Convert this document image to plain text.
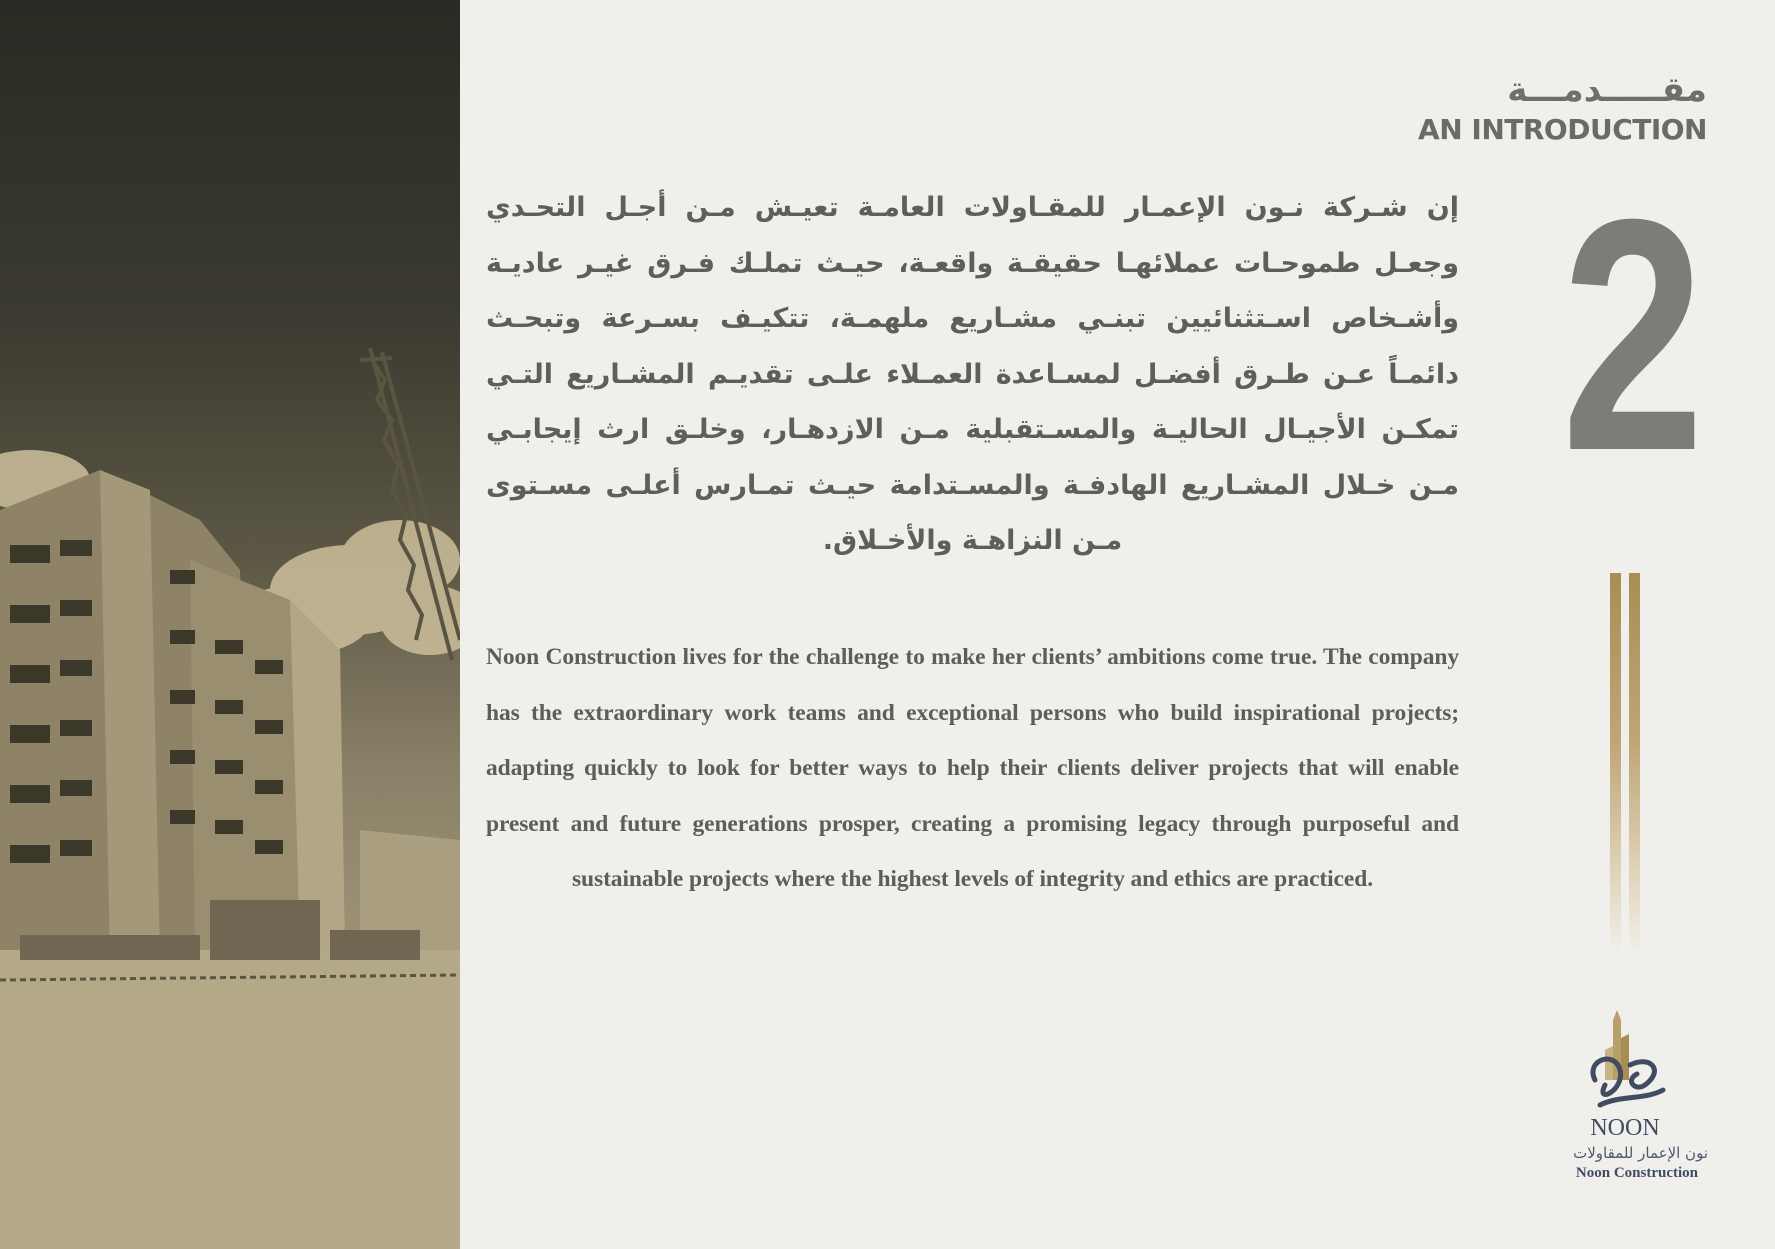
مقـــــدمـــة
AN INTRODUCTION
2

إن شـركة نـون الإعمـار للمقـاولات العامـة تعيـش مـن أجـل التحـدي وجعـل طموحـات عملائهـا حقيقـة واقعـة، حيـث تملـك فـرق غيـر عاديـة وأشـخاص اسـتثنائيين تبنـي مشـاريع ملهمـة، تتكيـف بسـرعة وتبحـث دائمـاً عـن طـرق أفضـل لمسـاعدة العمـلاء علـى تقديـم المشـاريع التـي تمكـن الأجيـال الحاليـة والمسـتقبلية مـن الازدهـار، وخلـق ارث إيجابـي مـن خـلال المشـاريع الهادفـة والمسـتدامة حيـث تمـارس أعلـى مسـتوى مـن النزاهـة والأخـلاق.

Noon Construction lives for the challenge to make her clients’ ambitions come true. The company has the extraordinary work teams and exceptional persons who build inspirational projects; adapting quickly to look for better ways to help their clients deliver projects that will enable present and future generations prosper, creating a promising legacy through purposeful and sustainable projects where the highest levels of integrity and ethics are practiced.

NOON
نون الإعمار للمقاولات
Noon Construction
